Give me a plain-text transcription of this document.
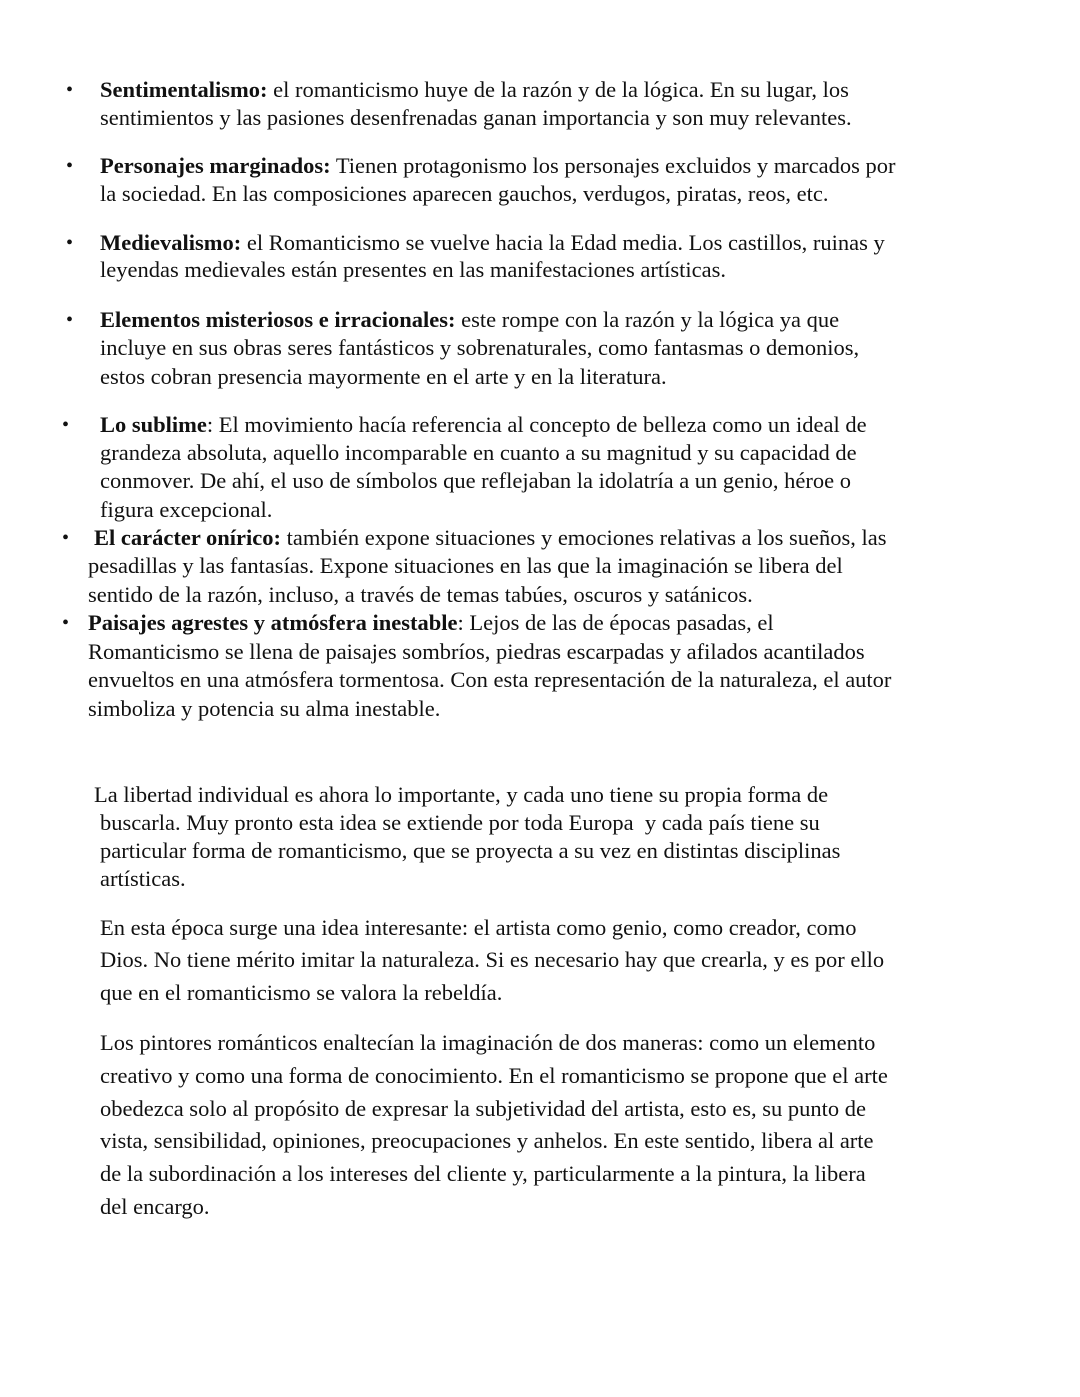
• Sentimentalismo: el romanticismo huye de la razón y de la lógica. En su lugar, los
sentimientos y las pasiones desenfrenadas ganan importancia y son muy relevantes.
• Personajes marginados: Tienen protagonismo los personajes excluidos y marcados por
la sociedad. En las composiciones aparecen gauchos, verdugos, piratas, reos, etc.
• Medievalismo: el Romanticismo se vuelve hacia la Edad media. Los castillos, ruinas y
leyendas medievales están presentes en las manifestaciones artísticas.
• Elementos misteriosos e irracionales: este rompe con la razón y la lógica ya que
incluye en sus obras seres fantásticos y sobrenaturales, como fantasmas o demonios,
estos cobran presencia mayormente en el arte y en la literatura.
• Lo sublime: El movimiento hacía referencia al concepto de belleza como un ideal de
grandeza absoluta, aquello incomparable en cuanto a su magnitud y su capacidad de
conmover. De ahí, el uso de símbolos que reflejaban la idolatría a un genio, héroe o
figura excepcional.
• El carácter onírico: también expone situaciones y emociones relativas a los sueños, las
pesadillas y las fantasías. Expone situaciones en las que la imaginación se libera del
sentido de la razón, incluso, a través de temas tabúes, oscuros y satánicos.
• Paisajes agrestes y atmósfera inestable: Lejos de las de épocas pasadas, el
Romanticismo se llena de paisajes sombríos, piedras escarpadas y afilados acantilados
envueltos en una atmósfera tormentosa. Con esta representación de la naturaleza, el autor
simboliza y potencia su alma inestable.
La libertad individual es ahora lo importante, y cada uno tiene su propia forma de
buscarla. Muy pronto esta idea se extiende por toda Europa  y cada país tiene su
particular forma de romanticismo, que se proyecta a su vez en distintas disciplinas
artísticas.
En esta época surge una idea interesante: el artista como genio, como creador, como
Dios. No tiene mérito imitar la naturaleza. Si es necesario hay que crearla, y es por ello
que en el romanticismo se valora la rebeldía.
Los pintores románticos enaltecían la imaginación de dos maneras: como un elemento
creativo y como una forma de conocimiento. En el romanticismo se propone que el arte
obedezca solo al propósito de expresar la subjetividad del artista, esto es, su punto de
vista, sensibilidad, opiniones, preocupaciones y anhelos. En este sentido, libera al arte
de la subordinación a los intereses del cliente y, particularmente a la pintura, la libera
del encargo.
